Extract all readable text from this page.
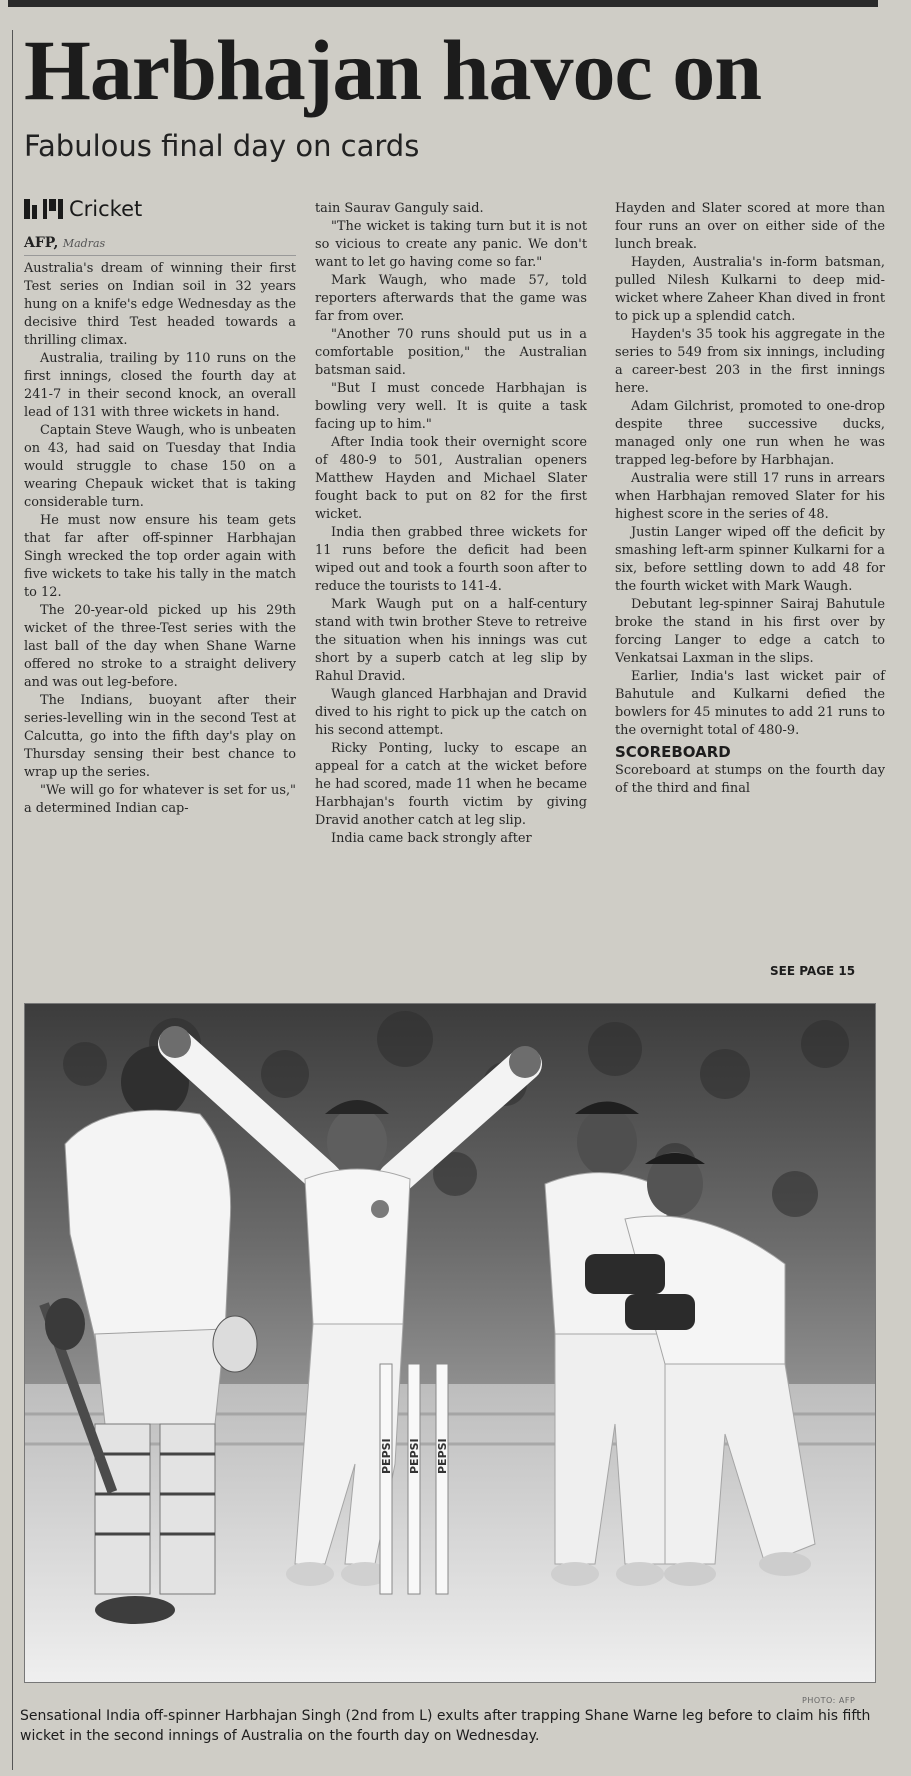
Harbhajan havoc on
Fabulous final day on cards
Cricket
AFP, Madras

Australia's dream of winning their first Test series on Indian soil in 32 years hung on a knife's edge Wednesday as the decisive third Test headed towards a thrilling climax.

Australia, trailing by 110 runs on the first innings, closed the fourth day at 241-7 in their second knock, an overall lead of 131 with three wickets in hand.

Captain Steve Waugh, who is unbeaten on 43, had said on Tuesday that India would struggle to chase 150 on a wearing Chepauk wicket that is taking considerable turn.

He must now ensure his team gets that far after off-spinner Harbhajan Singh wrecked the top order again with five wickets to take his tally in the match to 12.

The 20-year-old picked up his 29th wicket of the three-Test series with the last ball of the day when Shane Warne offered no stroke to a straight delivery and was out leg-before.

The Indians, buoyant after their series-levelling win in the second Test at Calcutta, go into the fifth day's play on Thursday sensing their best chance to wrap up the series.

"We will go for whatever is set for us," a determined Indian cap-

tain Saurav Ganguly said.

"The wicket is taking turn but it is not so vicious to create any panic. We don't want to let go having come so far."

Mark Waugh, who made 57, told reporters afterwards that the game was far from over.

"Another 70 runs should put us in a comfortable position," the Australian batsman said.

"But I must concede Harbhajan is bowling very well. It is quite a task facing up to him."

After India took their overnight score of 480-9 to 501, Australian openers Matthew Hayden and Michael Slater fought back to put on 82 for the first wicket.

India then grabbed three wickets for 11 runs before the deficit had been wiped out and took a fourth soon after to reduce the tourists to 141-4.

Mark Waugh put on a half-century stand with twin brother Steve to retreive the situation when his innings was cut short by a superb catch at leg slip by Rahul Dravid.

Waugh glanced Harbhajan and Dravid dived to his right to pick up the catch on his second attempt.

Ricky Ponting, lucky to escape an appeal for a catch at the wicket before he had scored, made 11 when he became Harbhajan's fourth victim by giving Dravid another catch at leg slip.

India came back strongly after

Hayden and Slater scored at more than four runs an over on either side of the lunch break.

Hayden, Australia's in-form batsman, pulled Nilesh Kulkarni to deep mid-wicket where Zaheer Khan dived in front to pick up a splendid catch.

Hayden's 35 took his aggregate in the series to 549 from six innings, including a career-best 203 in the first innings here.

Adam Gilchrist, promoted to one-drop despite three successive ducks, managed only one run when he was trapped leg-before by Harbhajan.

Australia were still 17 runs in arrears when Harbhajan removed Slater for his highest score in the series of 48.

Justin Langer wiped off the deficit by smashing left-arm spinner Kulkarni for a six, before settling down to add 48 for the fourth wicket with Mark Waugh.

Debutant leg-spinner Sairaj Bahutule broke the stand in his first over by forcing Langer to edge a catch to Venkatsai Laxman in the slips.

Earlier, India's last wicket pair of Bahutule and Kulkarni defied the bowlers for 45 minutes to add 21 runs to the overnight total of 480-9.

SCOREBOARD

Scoreboard at stumps on the fourth day of the third and final

SEE PAGE 15
PEPSI PEPSI PEPSI
PHOTO: AFP
Sensational India off-spinner Harbhajan Singh (2nd from L) exults after trapping Shane Warne leg before to claim his fifth wicket in the second innings of Australia on the fourth day on Wednesday.
